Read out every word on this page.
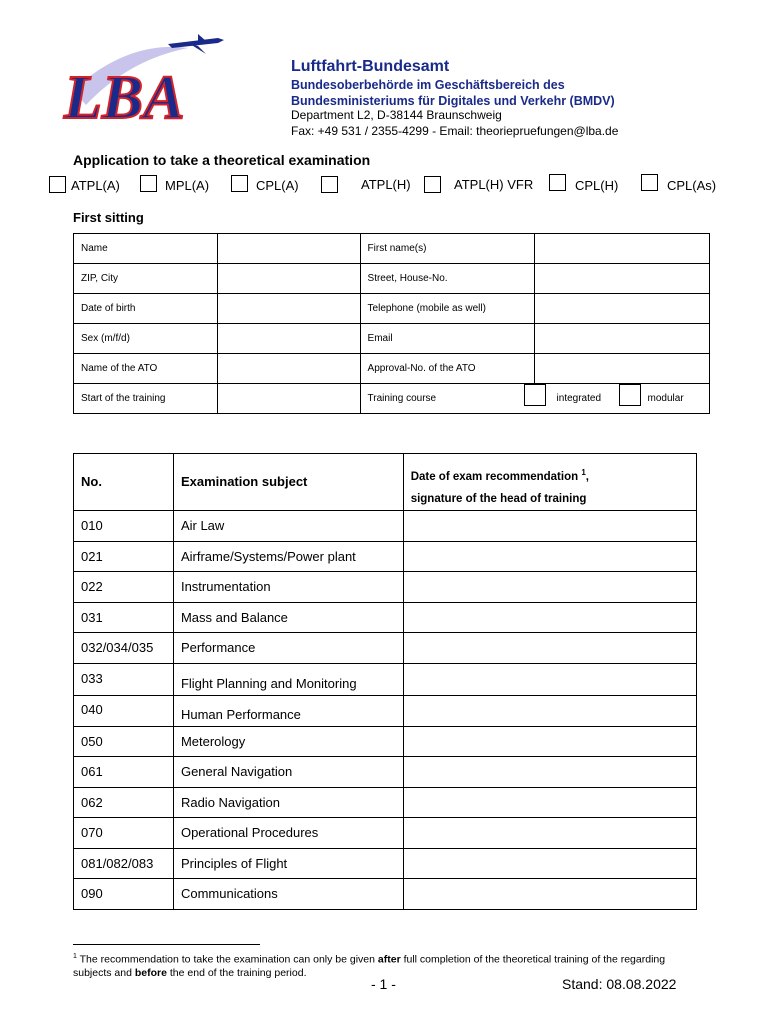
LBA	Luftfahrt-Bundesamt
Bundesoberbehörde im Geschäftsbereich des
Bundesministeriums für Digitales und Verkehr (BMDV)
Department L2, D-38144 Braunschweig
Fax: +49 531 / 2355-4299 - Email: theoriepruefungen@lba.de
Application to take a theoretical examination
ATPL(A)	MPL(A)	CPL(A)	ATPL(H)	ATPL(H) VFR	CPL(H)	CPL(As)
First sitting
Name		First name(s)	
ZIP, City		Street, House-No.	
Date of birth		Telephone (mobile as well)	
Sex (m/f/d)		Email	
Name of the ATO		Approval-No. of the ATO	
Start of the training		Training course integrated modular	
No.	Examination subject	Date of exam recommendation $^1$,
signature of the head of training
010	Air Law	
021	Airframe/Systems/Power plant	
022	Instrumentation	
031	Mass and Balance	
032/034/035	Performance	
033	Flight Planning and Monitoring	
040	Human Performance	
050	Meterology	
061	General Navigation	
062	Radio Navigation	
070	Operational Procedures	
081/082/083	Principles of Flight	
090	Communications	
$^1$ The recommendation to take the examination can only be given after full completion of the theoretical training of the regarding subjects and before the end of the training period.
- 1 -	Stand: 08.08.2022
